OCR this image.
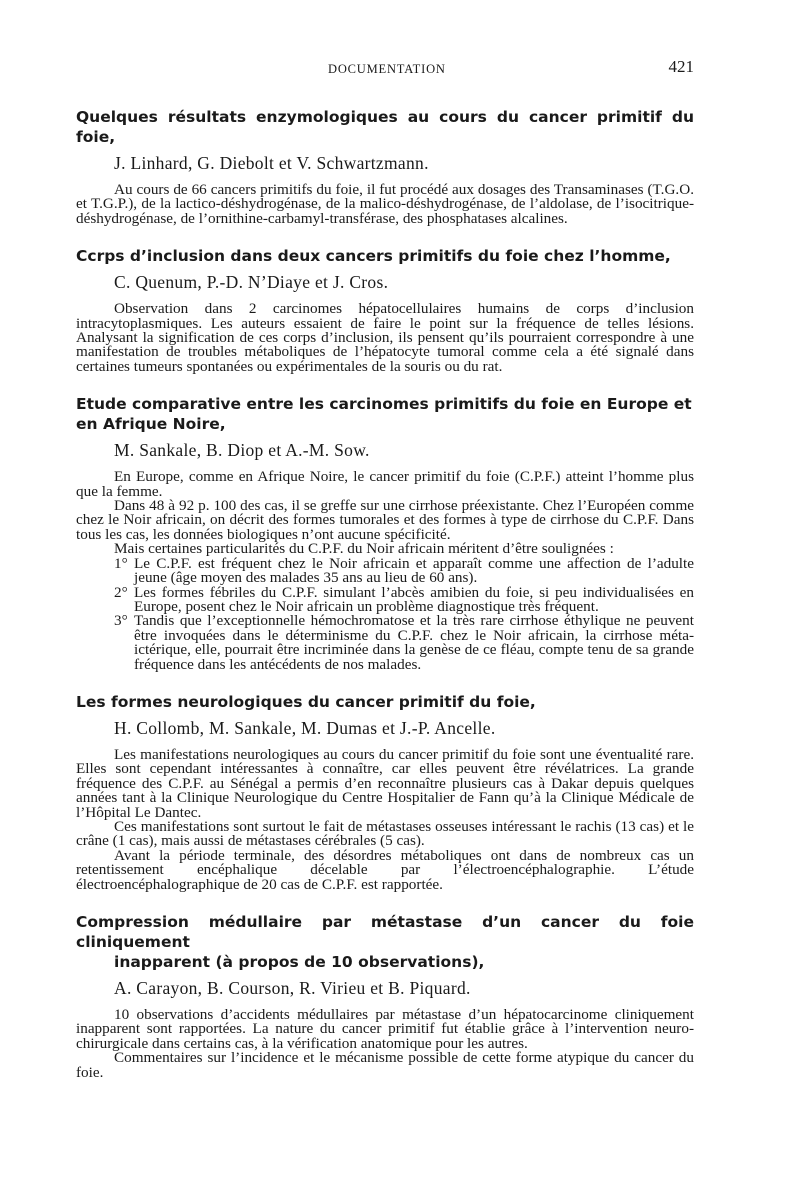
DOCUMENTATION	421
Quelques résultats enzymologiques au cours du cancer primitif du foie,
J. Linhard, G. Diebolt et V. Schwartzmann.

Au cours de 66 cancers primitifs du foie, il fut procédé aux dosages des Transaminases (T.G.O. et T.G.P.), de la lactico-déshydrogénase, de la malico-déshydrogénase, de l’aldolase, de l’isocitrique-déshydrogénase, de l’ornithine-carbamyl-transférase, des phosphatases alcalines.

Ccrps d’inclusion dans deux cancers primitifs du foie chez l’homme,
C. Quenum, P.-D. N’Diaye et J. Cros.

Observation dans 2 carcinomes hépatocellulaires humains de corps d’inclusion intracytoplasmiques. Les auteurs essaient de faire le point sur la fréquence de telles lésions. Analysant la signification de ces corps d’inclusion, ils pensent qu’ils pourraient correspondre à une manifestation de troubles métaboliques de l’hépatocyte tumoral comme cela a été signalé dans certaines tumeurs spontanées ou expérimentales de la souris ou du rat.

Etude comparative entre les carcinomes primitifs du foie en Europe et
en Afrique Noire,
M. Sankale, B. Diop et A.-M. Sow.

En Europe, comme en Afrique Noire, le cancer primitif du foie (C.P.F.) atteint l’homme plus que la femme.

Dans 48 à 92 p. 100 des cas, il se greffe sur une cirrhose préexistante. Chez l’Européen comme chez le Noir africain, on décrit des formes tumorales et des formes à type de cirrhose du C.P.F. Dans tous les cas, les données biologiques n’ont aucune spécificité.

Mais certaines particularités du C.P.F. du Noir africain méritent d’être soulignées :

1° Le C.P.F. est fréquent chez le Noir africain et apparaît comme une affection de l’adulte jeune (âge moyen des malades 35 ans au lieu de 60 ans).

2° Les formes fébriles du C.P.F. simulant l’abcès amibien du foie, si peu individualisées en Europe, posent chez le Noir africain un problème diagnostique très fréquent.

3° Tandis que l’exceptionnelle hémochromatose et la très rare cirrhose éthylique ne peuvent être invoquées dans le déterminisme du C.P.F. chez le Noir africain, la cirrhose méta-ictérique, elle, pourrait être incriminée dans la genèse de ce fléau, compte tenu de sa grande fréquence dans les antécédents de nos malades.

Les formes neurologiques du cancer primitif du foie,
H. Collomb, M. Sankale, M. Dumas et J.-P. Ancelle.

Les manifestations neurologiques au cours du cancer primitif du foie sont une éventualité rare. Elles sont cependant intéressantes à connaître, car elles peuvent être révélatrices. La grande fréquence des C.P.F. au Sénégal a permis d’en reconnaître plusieurs cas à Dakar depuis quelques années tant à la Clinique Neurologique du Centre Hospitalier de Fann qu’à la Clinique Médicale de l’Hôpital Le Dantec.

Ces manifestations sont surtout le fait de métastases osseuses intéressant le rachis (13 cas) et le crâne (1 cas), mais aussi de métastases cérébrales (5 cas).

Avant la période terminale, des désordres métaboliques ont dans de nombreux cas un retentissement encéphalique décelable par l’électroencéphalographie. L’étude électroencéphalographique de 20 cas de C.P.F. est rapportée.

Compression médullaire par métastase d’un cancer du foie cliniquement
inapparent (à propos de 10 observations),
A. Carayon, B. Courson, R. Virieu et B. Piquard.

10 observations d’accidents médullaires par métastase d’un hépatocarcinome cliniquement inapparent sont rapportées. La nature du cancer primitif fut établie grâce à l’intervention neuro-chirurgicale dans certains cas, à la vérification anatomique pour les autres.

Commentaires sur l’incidence et le mécanisme possible de cette forme atypique du cancer du foie.
